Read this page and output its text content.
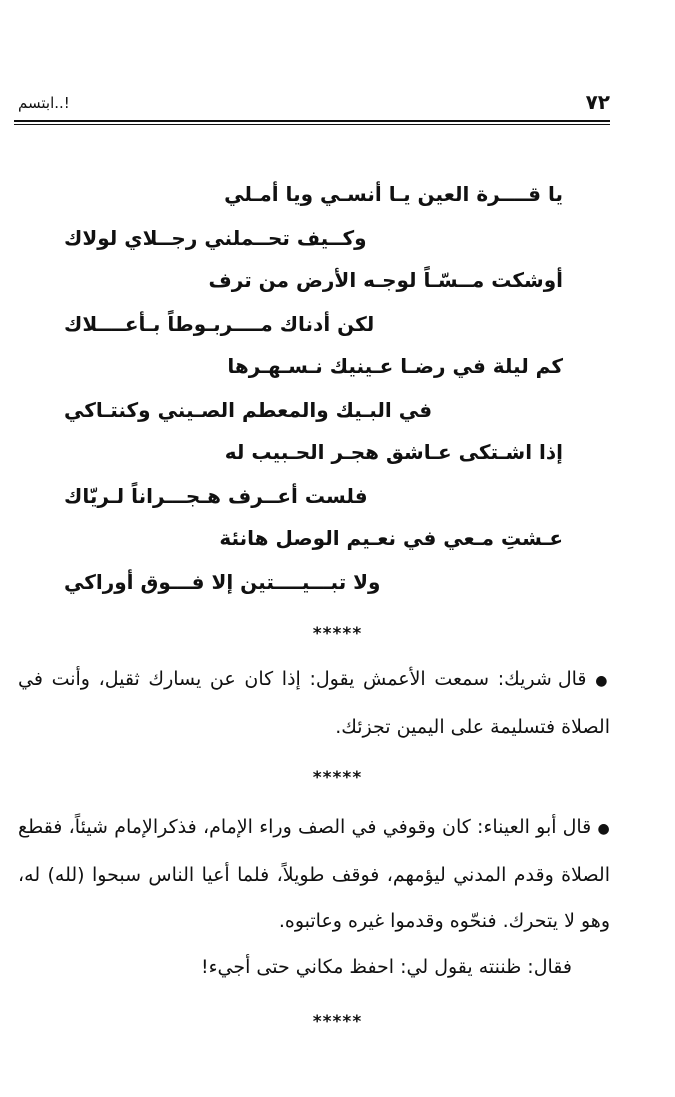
٧٢
ابتسم..!
يا قــــرة العين يـا أنسـي ويا أمـلي
وكــيف تحــملني رجــلاي لولاك
أوشكت مــسّـاً لوجـه الأرض من ترف
لكن أدناك مــــربـوطاً بـأعــــلاك
كم ليلة في رضـا عـينيك نـسـهـرها
في البـيك والمعطم الصـيني وكنتـاكي
إذا اشـتكى عـاشق هجـر الحـبيب له
فلست أعــرف هـجـــراناً لـريّاك
عـشتِ مـعي في نعـيم الوصل هانئة
ولا تبـــيــــتين إلا فـــوق أوراكي
*****
● قال شريك: سمعت الأعمش يقول: إذا كان عن يسارك ثقيل، وأنت في الصلاة فتسليمة على اليمين تجزئك.
*****
● قال أبو العيناء: كان وقوفي في الصف وراء الإمام، فذكرالإمام شيئاً، فقطع الصلاة وقدم المدني ليؤمهم، فوقف طويلاً، فلما أعيا الناس سبحوا (لله) له، وهو لا يتحرك. فنحّوه وقدموا غيره وعاتبوه.
فقال: ظننته يقول لي: احفظ مكاني حتى أجيء!
*****
